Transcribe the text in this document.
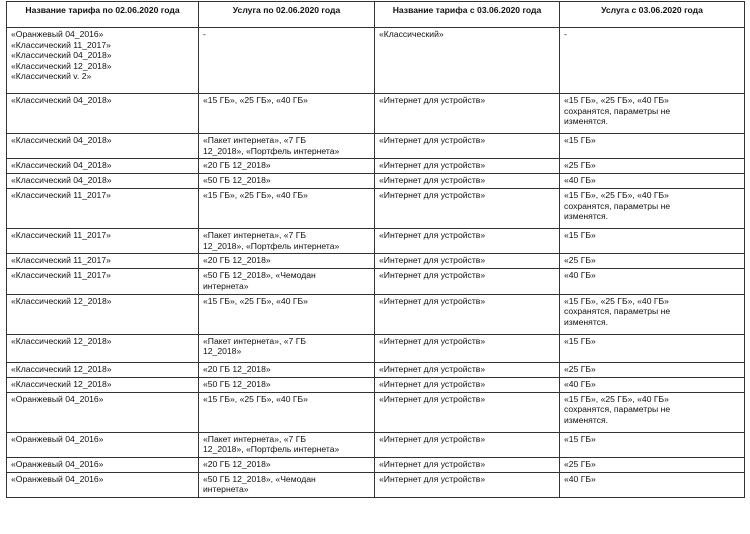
Название тарифа по 02.06.2020 года	Услуга по 02.06.2020 года	Название тарифа с 03.06.2020 года	Услуга с 03.06.2020 года

«Оранжевый 04_2016»
«Классический 11_2017»
«Классический 04_2018»
«Классический 12_2018»
«Классический v. 2»	-	«Классический»	-

«Классический 04_2018»	«15 ГБ», «25 ГБ», «40 ГБ»	«Интернет для устройств»	«15 ГБ», «25 ГБ», «40 ГБ»
сохранятся, параметры не
изменятся.

«Классический 04_2018»	«Пакет интернета», «7 ГБ
12_2018», «Портфель интернета»	«Интернет для устройств»	«15 ГБ»

«Классический 04_2018»	«20 ГБ 12_2018»	«Интернет для устройств»	«25 ГБ»

«Классический 04_2018»	«50 ГБ 12_2018»	«Интернет для устройств»	«40 ГБ»

«Классический 11_2017»	«15 ГБ», «25 ГБ», «40 ГБ»	«Интернет для устройств»	«15 ГБ», «25 ГБ», «40 ГБ»
сохранятся, параметры не
изменятся.

«Классический 11_2017»	«Пакет интернета», «7 ГБ
12_2018», «Портфель интернета»	«Интернет для устройств»	«15 ГБ»

«Классический 11_2017»	«20 ГБ 12_2018»	«Интернет для устройств»	«25 ГБ»

«Классический 11_2017»	«50 ГБ 12_2018», «Чемодан
интернета»	«Интернет для устройств»	«40 ГБ»

«Классический 12_2018»	«15 ГБ», «25 ГБ», «40 ГБ»	«Интернет для устройств»	«15 ГБ», «25 ГБ», «40 ГБ»
сохранятся, параметры не
изменятся.

«Классический 12_2018»	«Пакет интернета», «7 ГБ
12_2018»	«Интернет для устройств»	«15 ГБ»

«Классический 12_2018»	«20 ГБ 12_2018»	«Интернет для устройств»	«25 ГБ»

«Классический 12_2018»	«50 ГБ 12_2018»	«Интернет для устройств»	«40 ГБ»

«Оранжевый 04_2016»	«15 ГБ», «25 ГБ», «40 ГБ»	«Интернет для устройств»	«15 ГБ», «25 ГБ», «40 ГБ»
сохранятся, параметры не
изменятся.

«Оранжевый 04_2016»	«Пакет интернета», «7 ГБ
12_2018», «Портфель интернета»	«Интернет для устройств»	«15 ГБ»

«Оранжевый 04_2016»	«20 ГБ 12_2018»	«Интернет для устройств»	«25 ГБ»

«Оранжевый 04_2016»	«50 ГБ 12_2018», «Чемодан
интернета»	«Интернет для устройств»	«40 ГБ»
